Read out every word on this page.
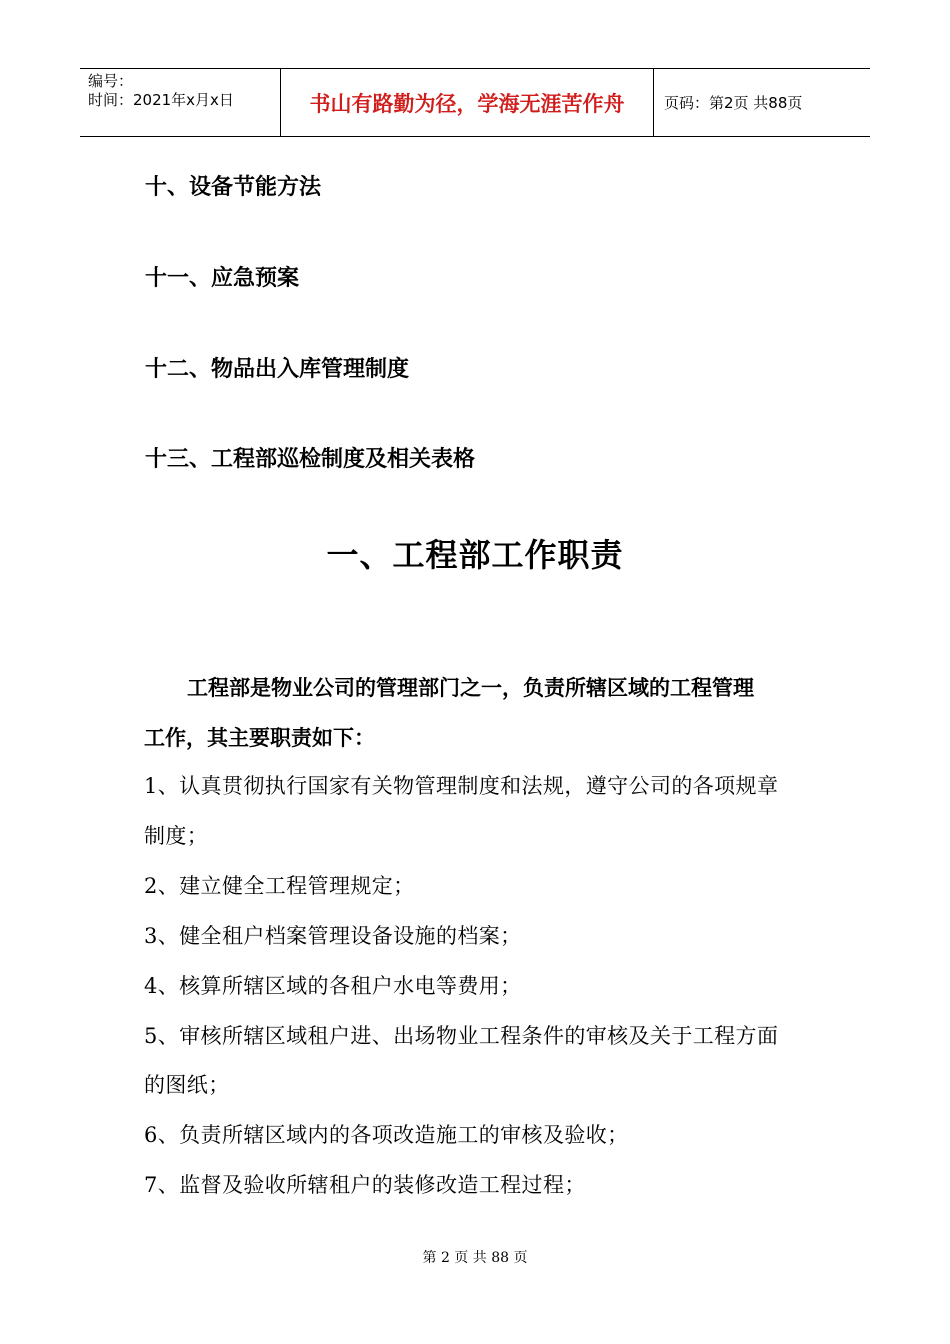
编号：
时间：2021年x月x日	书山有路勤为径，学海无涯苦作舟	页码：第2页 共88页
十、设备节能方法
十一、应急预案
十二、物品出入库管理制度
十三、工程部巡检制度及相关表格
一、工程部工作职责
工程部是物业公司的管理部门之一，负责所辖区域的工程管理
工作，其主要职责如下：
1、认真贯彻执行国家有关物管理制度和法规，遵守公司的各项规章
制度；
2、建立健全工程管理规定；
3、健全租户档案管理设备设施的档案；
4、核算所辖区域的各租户水电等费用；
5、审核所辖区域租户进、出场物业工程条件的审核及关于工程方面
的图纸；
6、负责所辖区域内的各项改造施工的审核及验收；
7、监督及验收所辖租户的装修改造工程过程；
第 2 页 共 88 页
